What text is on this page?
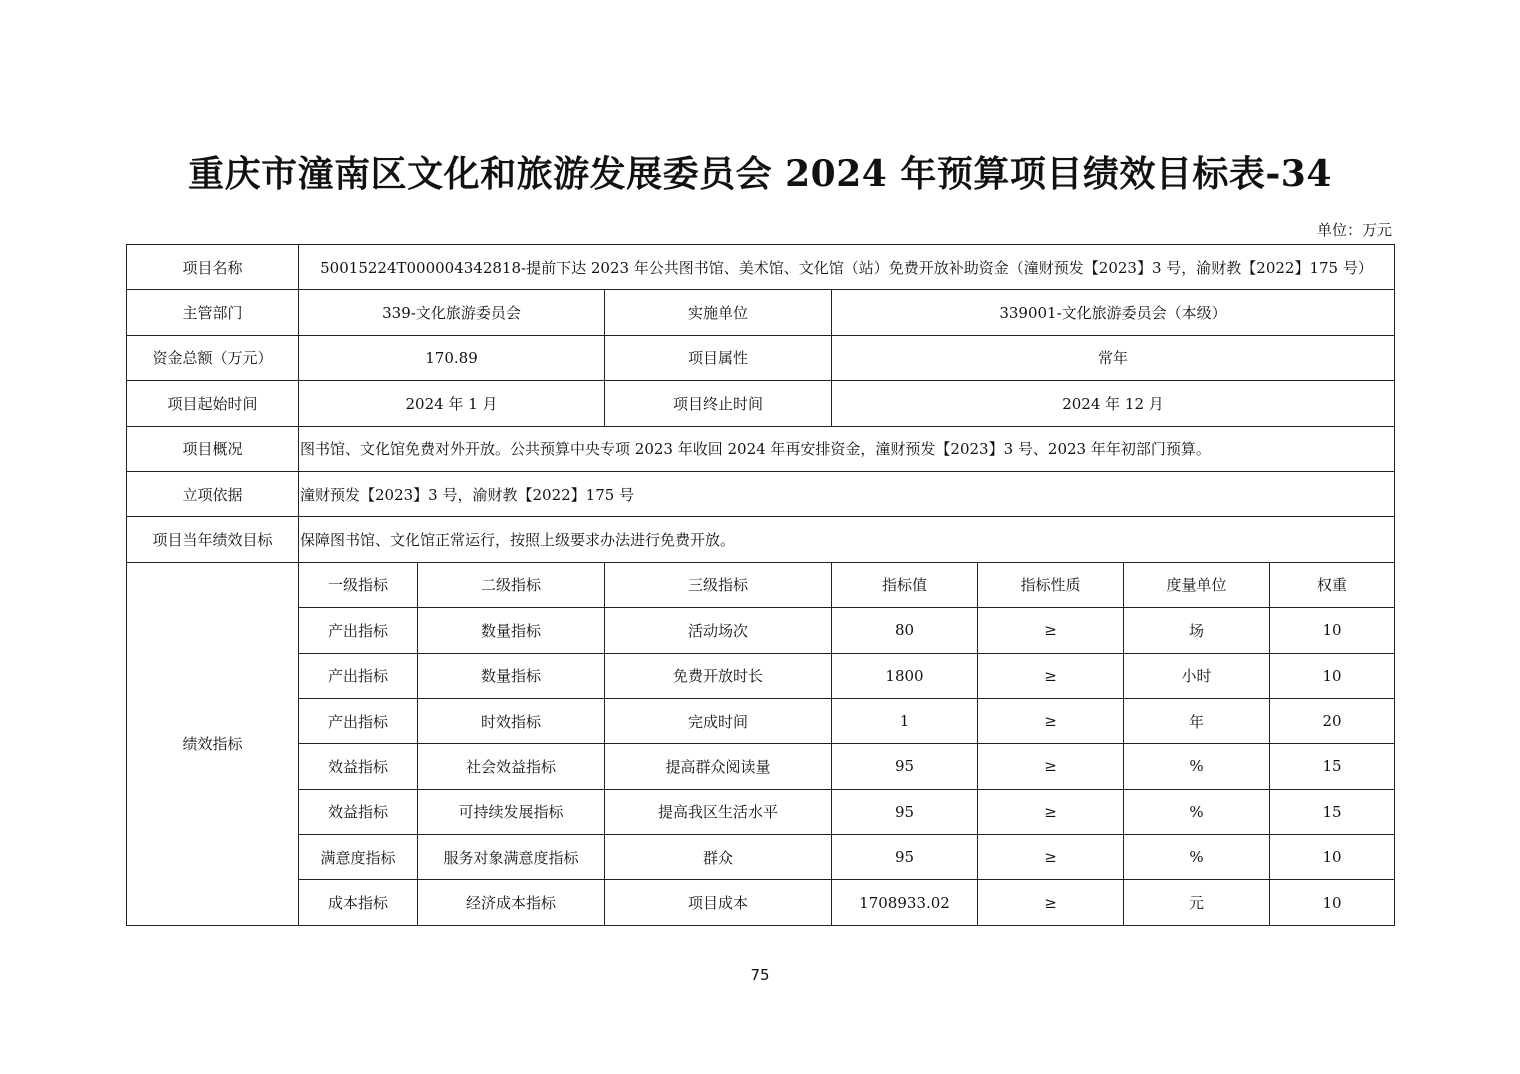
重庆市潼南区文化和旅游发展委员会 2024 年预算项目绩效目标表-34
单位：万元
项目名称	50015224T000004342818-提前下达 2023 年公共图书馆、美术馆、文化馆（站）免费开放补助资金（潼财预发【2023】3 号，渝财教【2022】175 号）						
主管部门	339-文化旅游委员会		实施单位	339001-文化旅游委员会（本级）			
资金总额（万元）	170.89		项目属性	常年			
项目起始时间	2024 年 1 月		项目终止时间	2024 年 12 月			
项目概况	图书馆、文化馆免费对外开放。公共预算中央专项 2023 年收回 2024 年再安排资金，潼财预发【2023】3 号、2023 年年初部门预算。						
立项依据	潼财预发【2023】3 号，渝财教【2022】175 号						
项目当年绩效目标	保障图书馆、文化馆正常运行，按照上级要求办法进行免费开放。						
绩效指标	一级指标	二级指标	三级指标	指标值	指标性质	度量单位	权重
	产出指标	数量指标	活动场次	80	≥	场	10
	产出指标	数量指标	免费开放时长	1800	≥	小时	10
	产出指标	时效指标	完成时间	1	≥	年	20
	效益指标	社会效益指标	提高群众阅读量	95	≥	%	15
	效益指标	可持续发展指标	提高我区生活水平	95	≥	%	15
	满意度指标	服务对象满意度指标	群众	95	≥	%	10
	成本指标	经济成本指标	项目成本	1708933.02	≥	元	10
75
